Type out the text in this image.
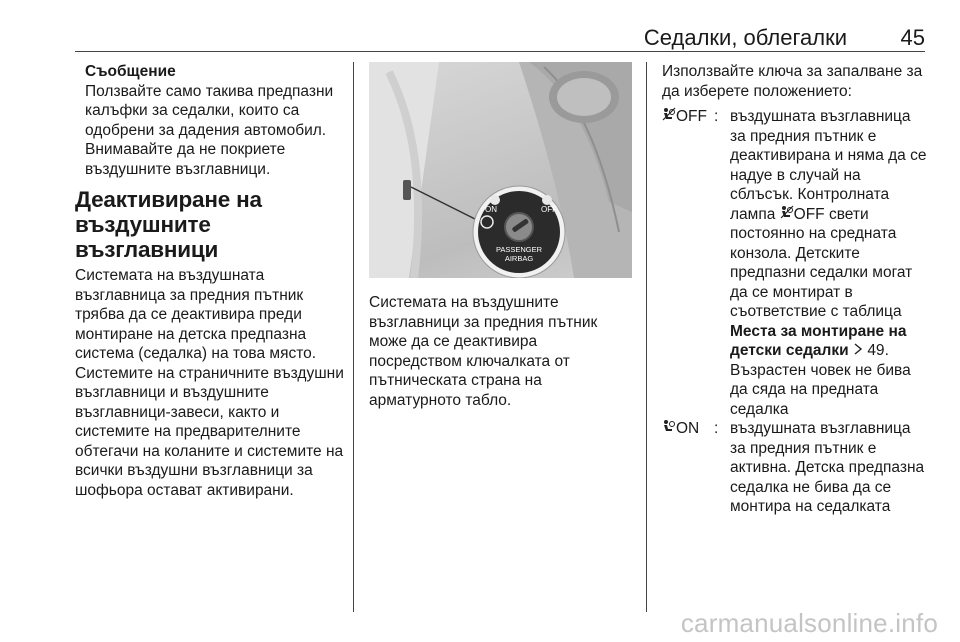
Седалки, облегалки 45
Съобщение
Ползвайте само такива предпазни калъфки за седалки, които са одобрени за дадения автомобил. Внимавайте да не покриете въздушните възглавници.
Деактивиране на въздушните възглавници

Системата на въздушната възглавница за предния пътник трябва да се деактивира преди монтиране на детска предпазна система (седалка) на това място. Системите на страничните въздушни възглавници и въздушните възглавници-завеси, както и системите на предварителните обтегачи на коланите и системите на всички въздушни възглавници за шофьора остават активирани.

ON	OFF
PASSENGER
AIRBAG

Системата на въздушните възглавници за предния пътник може да се деактивира посредством ключалката от пътническата страна на арматурното табло.

Използвайте ключа за запалване за да изберете положението:

OFF : въздушната възглавница за предния пътник е деактивирана и няма да се надуе в случай на сблъсък. Контролната лампа OFF свети постоянно на средната конзола. Детските предпазни седалки могат да се монтират в съответствие с таблица Места за монтиране на детски седалки 49.
Възрастен човек не бива да сяда на предната седалка
ON : въздушната възглавница за предния пътник е активна. Детска предпазна седалка не бива да се монтира на седалката
carmanualsonline.info
